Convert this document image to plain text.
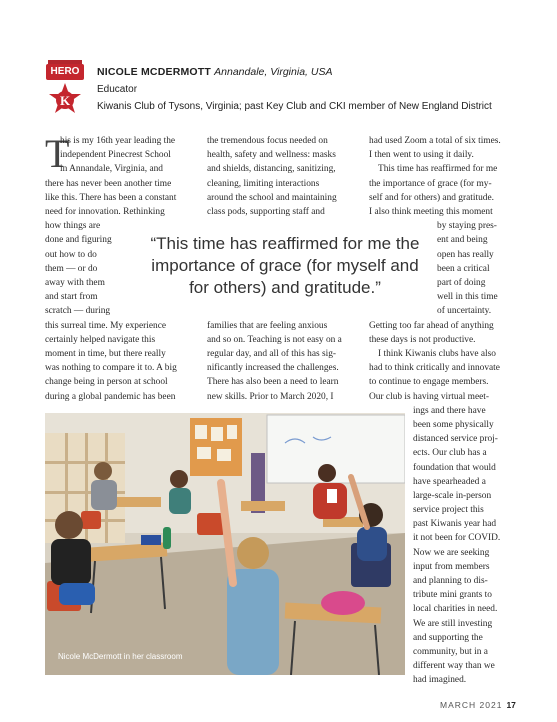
HERO
K
NICOLE MCDERMOTT Annandale, Virginia, USA
Educator
Kiwanis Club of Tysons, Virginia; past Key Club and CKI member of New England District
T
his is my 16th year leading the
independent Pinecrest School
in Annandale, Virginia, and
there has never been another time
like this. There has been a constant
need for innovation. Rethinking
how things are
done and figuring
out how to do
them — or do
away with them
and start from
scratch — during
this surreal time. My experience
certainly helped navigate this
moment in time, but there really
was nothing to compare it to. A big
change being in person at school
during a global pandemic has been
the tremendous focus needed on
health, safety and wellness: masks
and shields, distancing, sanitizing,
cleaning, limiting interactions
around the school and maintaining
class pods, supporting staff and
families that are feeling anxious
and so on. Teaching is not easy on a
regular day, and all of this has sig-
nificantly increased the challenges.
There has also been a need to learn
new skills. Prior to March 2020, I
had used Zoom a total of six times.
I then went to using it daily.
This time has reaffirmed for me
the importance of grace (for my-
self and for others) and gratitude.
I also think meeting this moment
by staying pres-
ent and being
open has really
been a critical
part of doing
well in this time
of uncertainty.
Getting too far ahead of anything
these days is not productive.
I think Kiwanis clubs have also
had to think critically and innovate
to continue to engage members.
Our club is having virtual meet-
ings and there have
been some physically
distanced service proj-
ects. Our club has a
foundation that would
have spearheaded a
large-scale in-person
service project this
past Kiwanis year had
it not been for COVID.
Now we are seeking
input from members
and planning to dis-
tribute mini grants to
local charities in need.
We are still investing
and supporting the
community, but in a
different way than we
had imagined.
“This time has reaffirmed for me the importance of grace (for myself and for others) and gratitude.”
Nicole McDermott in her classroom
MARCH 2021 17
